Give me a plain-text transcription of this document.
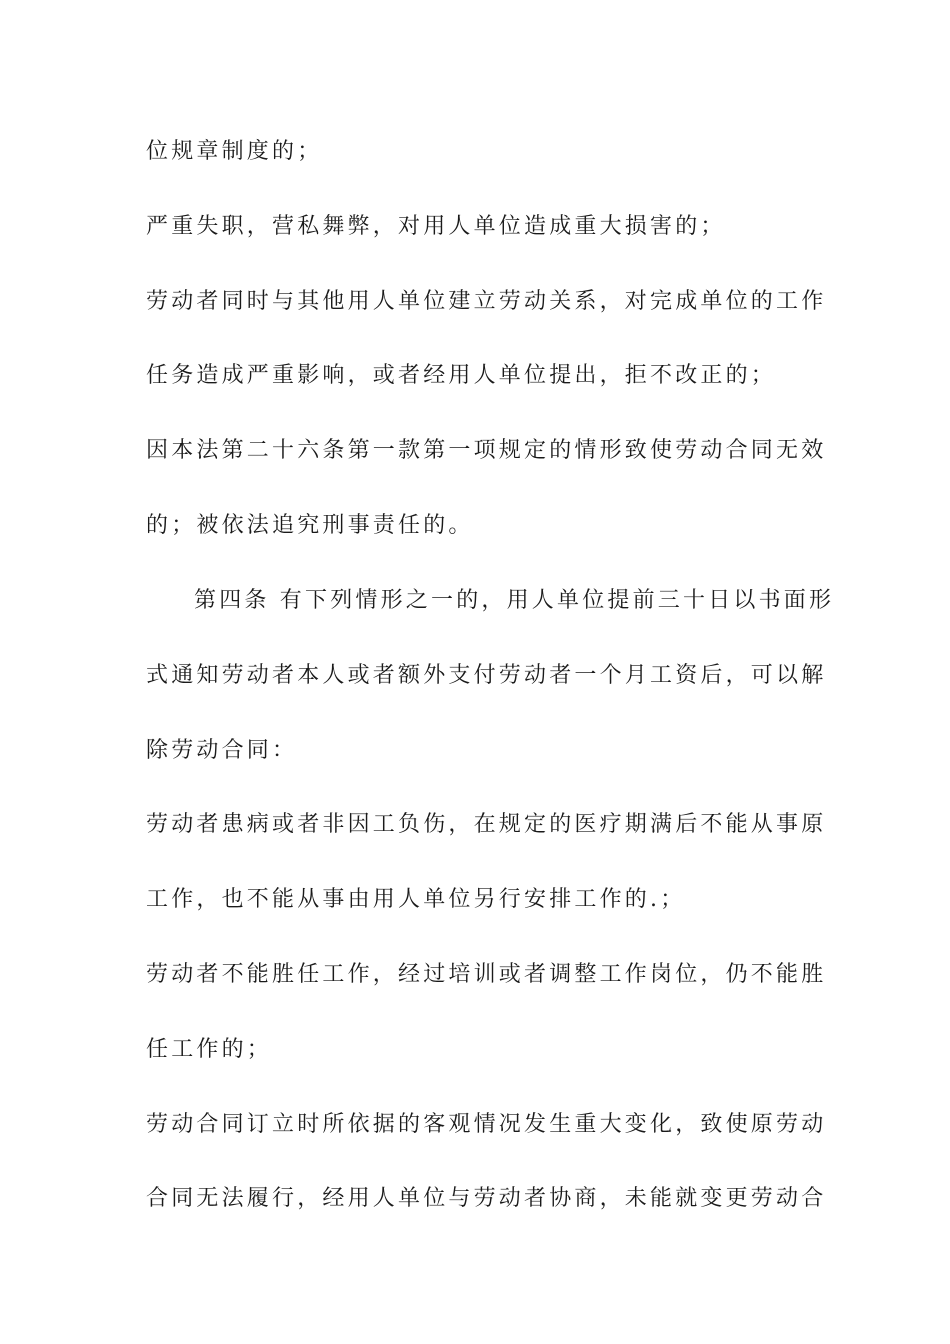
位规章制度的；
严重失职，营私舞弊，对用人单位造成重大损害的；
劳动者同时与其他用人单位建立劳动关系，对完成单位的工作
任务造成严重影响，或者经用人单位提出，拒不改正的；
因本法第二十六条第一款第一项规定的情形致使劳动合同无效
的；被依法追究刑事责任的。
第四条 有下列情形之一的，用人单位提前三十日以书面形
式通知劳动者本人或者额外支付劳动者一个月工资后，可以解
除劳动合同：
劳动者患病或者非因工负伤，在规定的医疗期满后不能从事原
工作，也不能从事由用人单位另行安排工作的.；
劳动者不能胜任工作，经过培训或者调整工作岗位，仍不能胜
任工作的；
劳动合同订立时所依据的客观情况发生重大变化，致使原劳动
合同无法履行，经用人单位与劳动者协商，未能就变更劳动合
